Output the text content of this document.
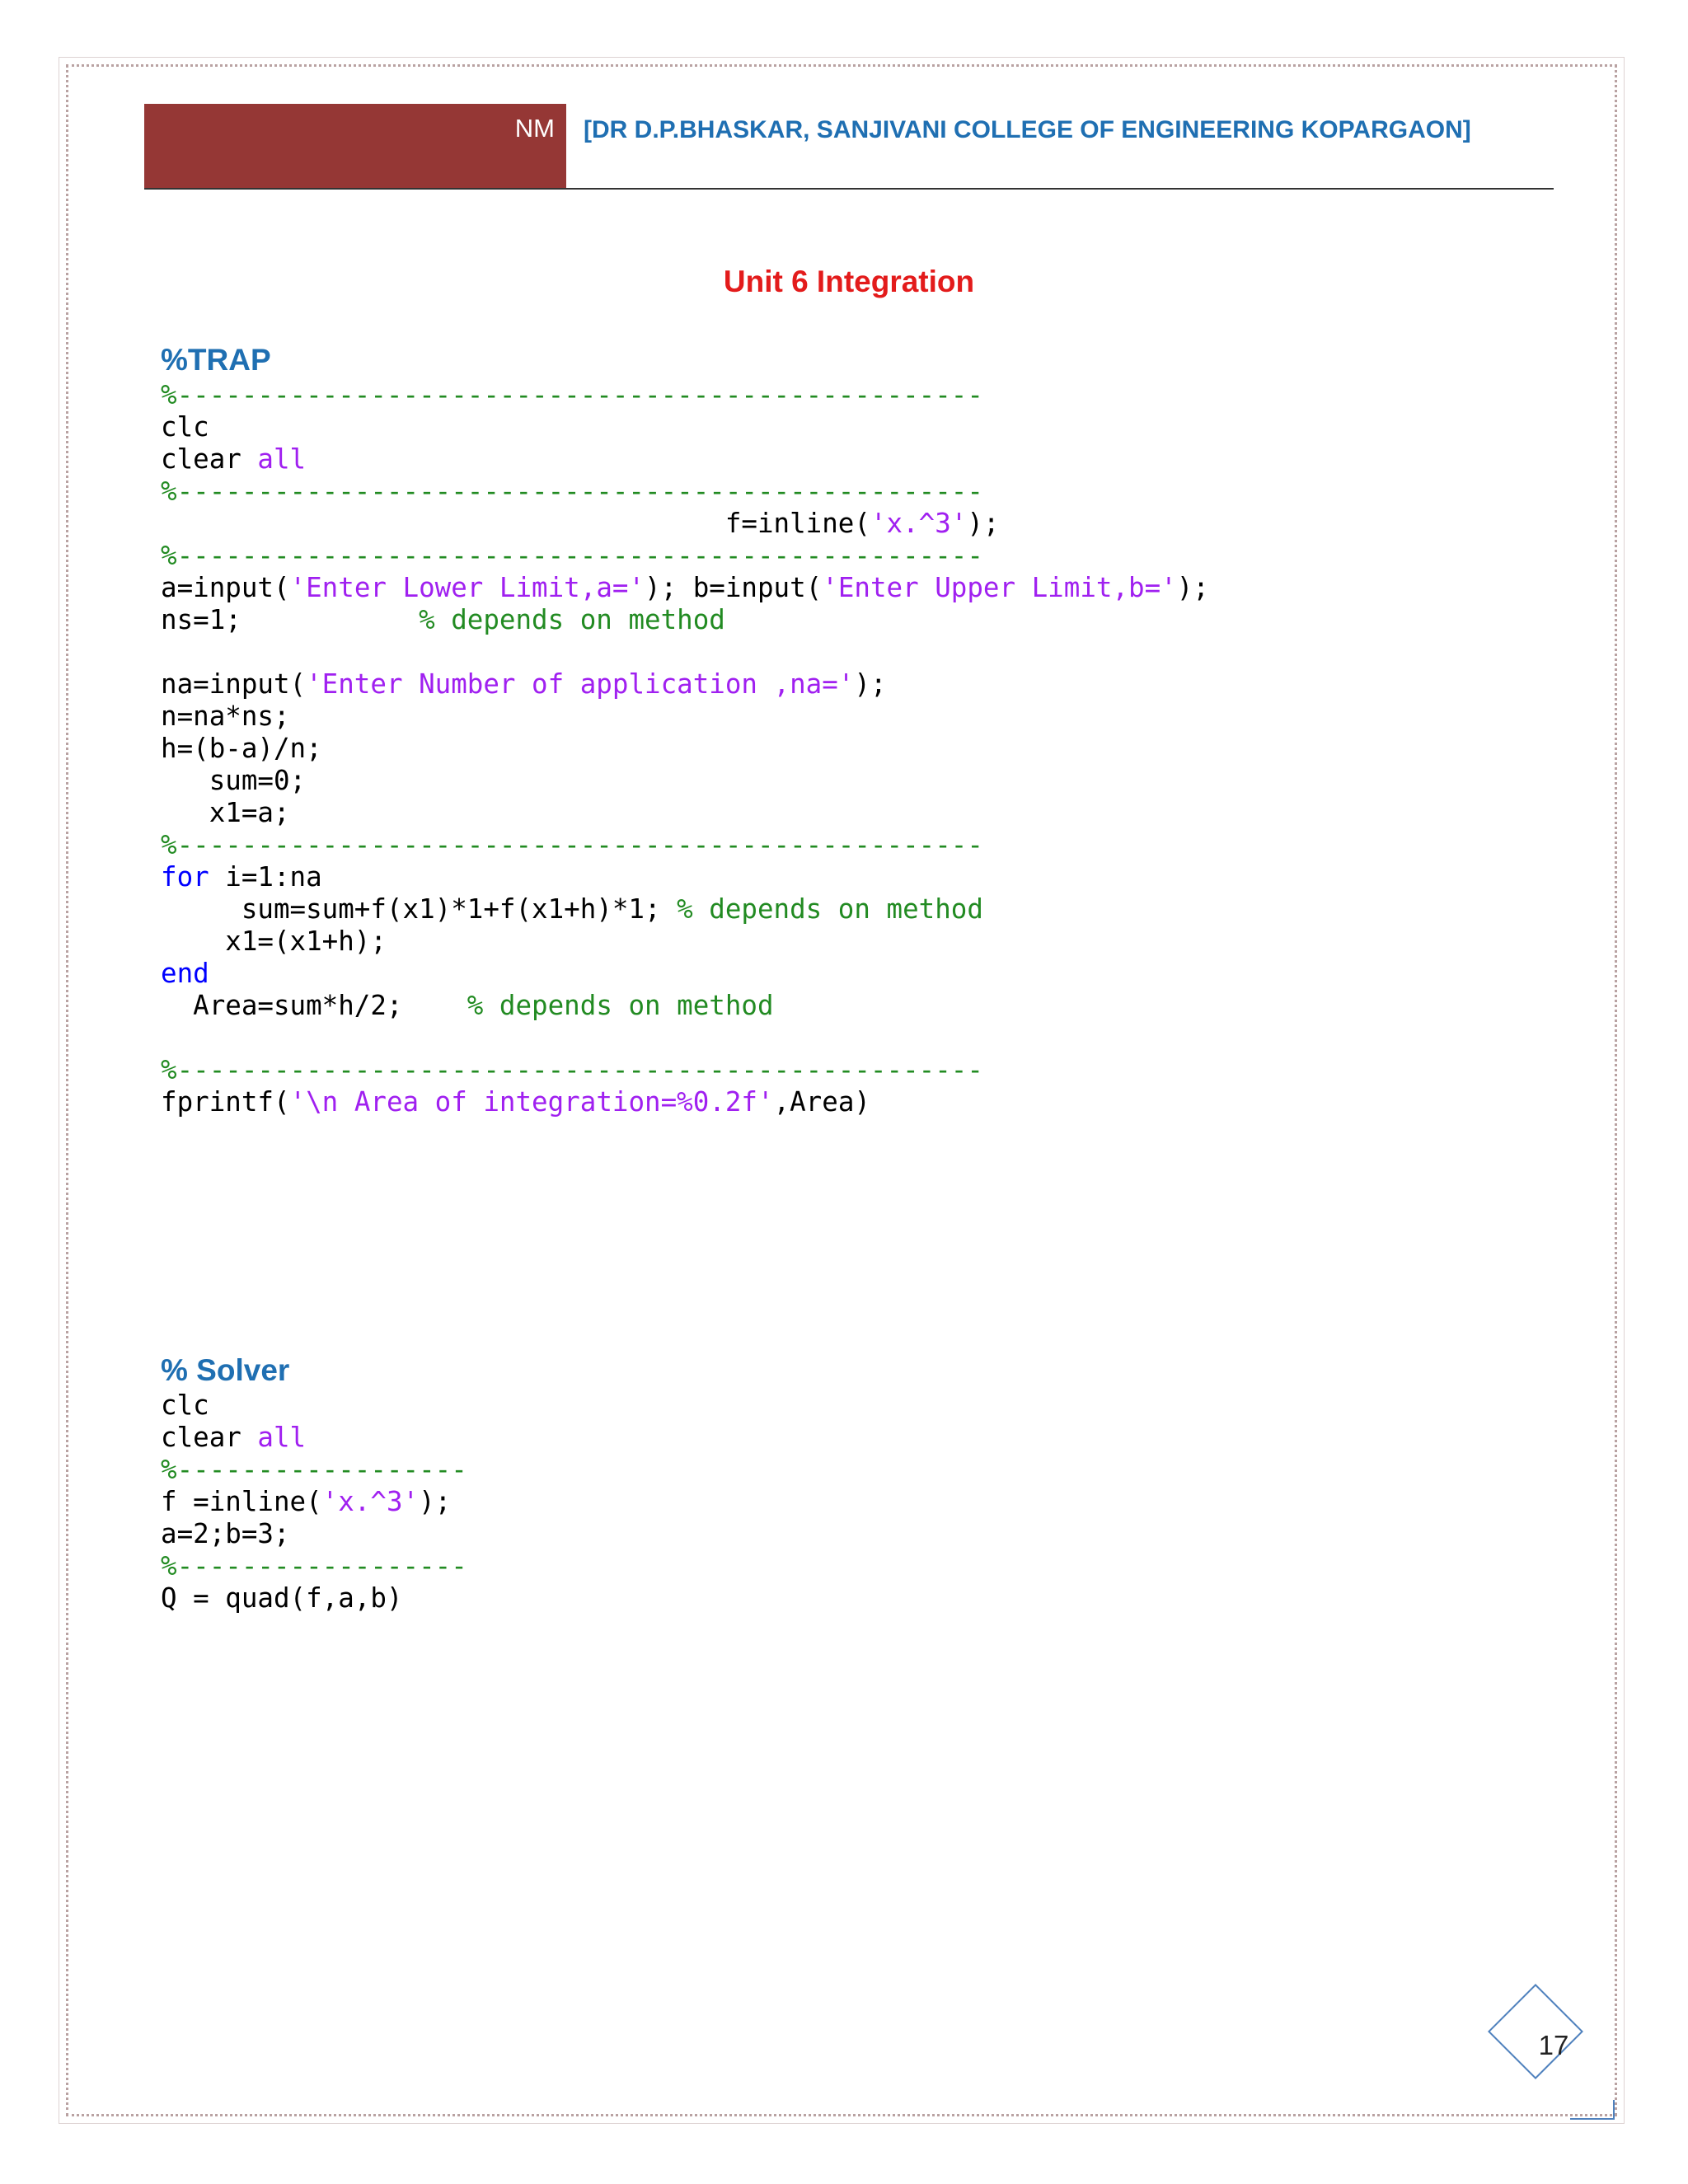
NM [DR D.P.BHASKAR, SANJIVANI COLLEGE OF ENGINEERING KOPARGAON]
Unit 6 Integration
%TRAP
%--------------------------------------------------
clc
clear all
%--------------------------------------------------
f=inline('x.^3');
%--------------------------------------------------
a=input('Enter Lower Limit,a='); b=input('Enter Upper Limit,b=');
ns=1;           % depends on method
na=input('Enter Number of application ,na=');
n=na*ns;
h=(b-a)/n;
sum=0;
x1=a;
%--------------------------------------------------
for i=1:na
sum=sum+f(x1)*1+f(x1+h)*1; % depends on method
x1=(x1+h);
end
Area=sum*h/2;    % depends on method
%--------------------------------------------------
fprintf('\n Area of integration=%0.2f',Area)
% Solver
clc
clear all
%------------------
f =inline('x.^3');
a=2;b=3;
%------------------
Q = quad(f,a,b)
17
